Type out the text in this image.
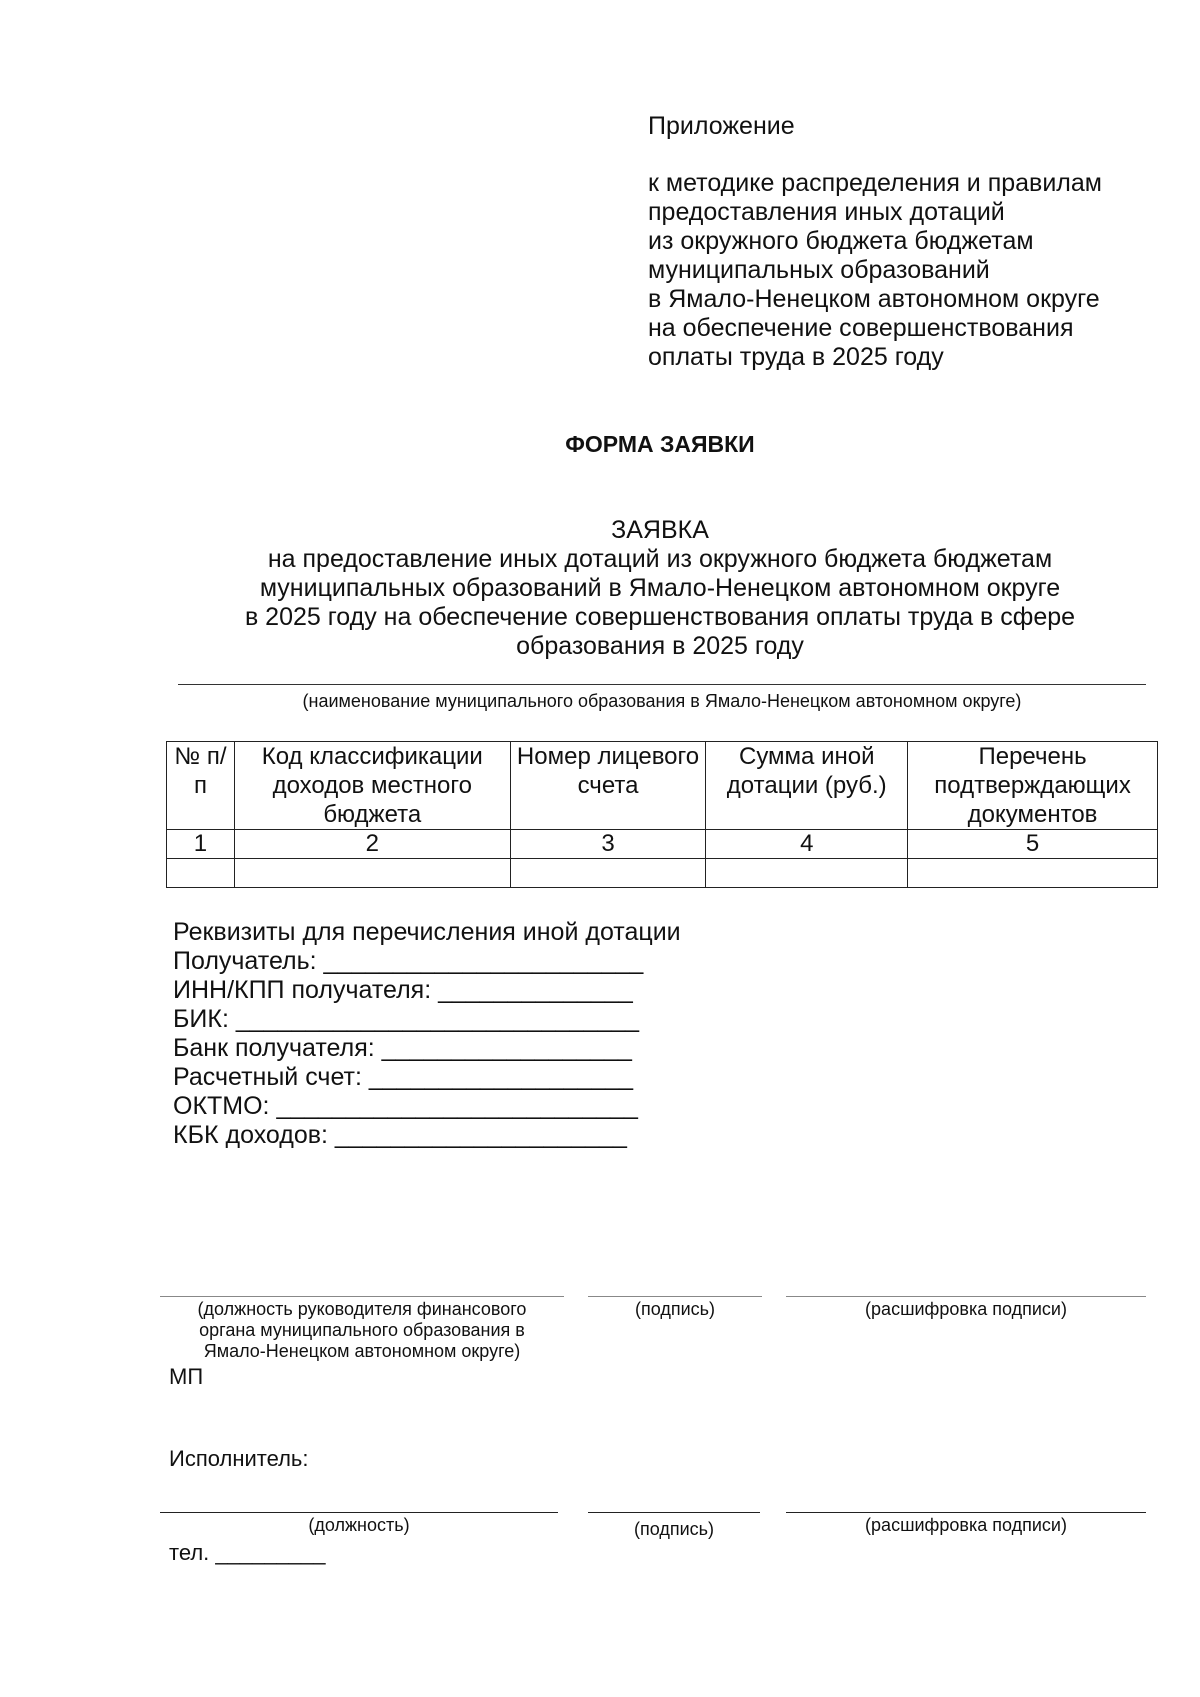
Приложение
к методике распределения и правилам
предоставления иных дотаций
из окружного бюджета бюджетам
муниципальных образований
в Ямало-Ненецком автономном округе
на обеспечение совершенствования
оплаты труда в 2025 году
ФОРМА ЗАЯВКИ
ЗАЯВКА
на предоставление иных дотаций из окружного бюджета бюджетам
муниципальных образований в Ямало-Ненецком автономном округе
в 2025 году на обеспечение совершенствования оплаты труда в сфере
образования в 2025 году
(наименование муниципального образования в Ямало-Ненецком автономном округе)
№ п/п	Код классификации доходов местного бюджета	Номер лицевого счета	Сумма иной дотации (руб.)	Перечень подтверждающих документов
1	2	3	4	5

Реквизиты для перечисления иной дотации
Получатель: _______________________
ИНН/КПП получателя: ______________
БИК: _____________________________
Банк получателя: __________________
Расчетный счет: ___________________
ОКТМО: __________________________
КБК доходов: _____________________
(должность руководителя финансового
органа муниципального образования в
Ямало-Ненецком автономном округе)
(подпись)	(расшифровка подписи)
МП
Исполнитель:
(должность)	(подпись)	(расшифровка подписи)
тел. _________
